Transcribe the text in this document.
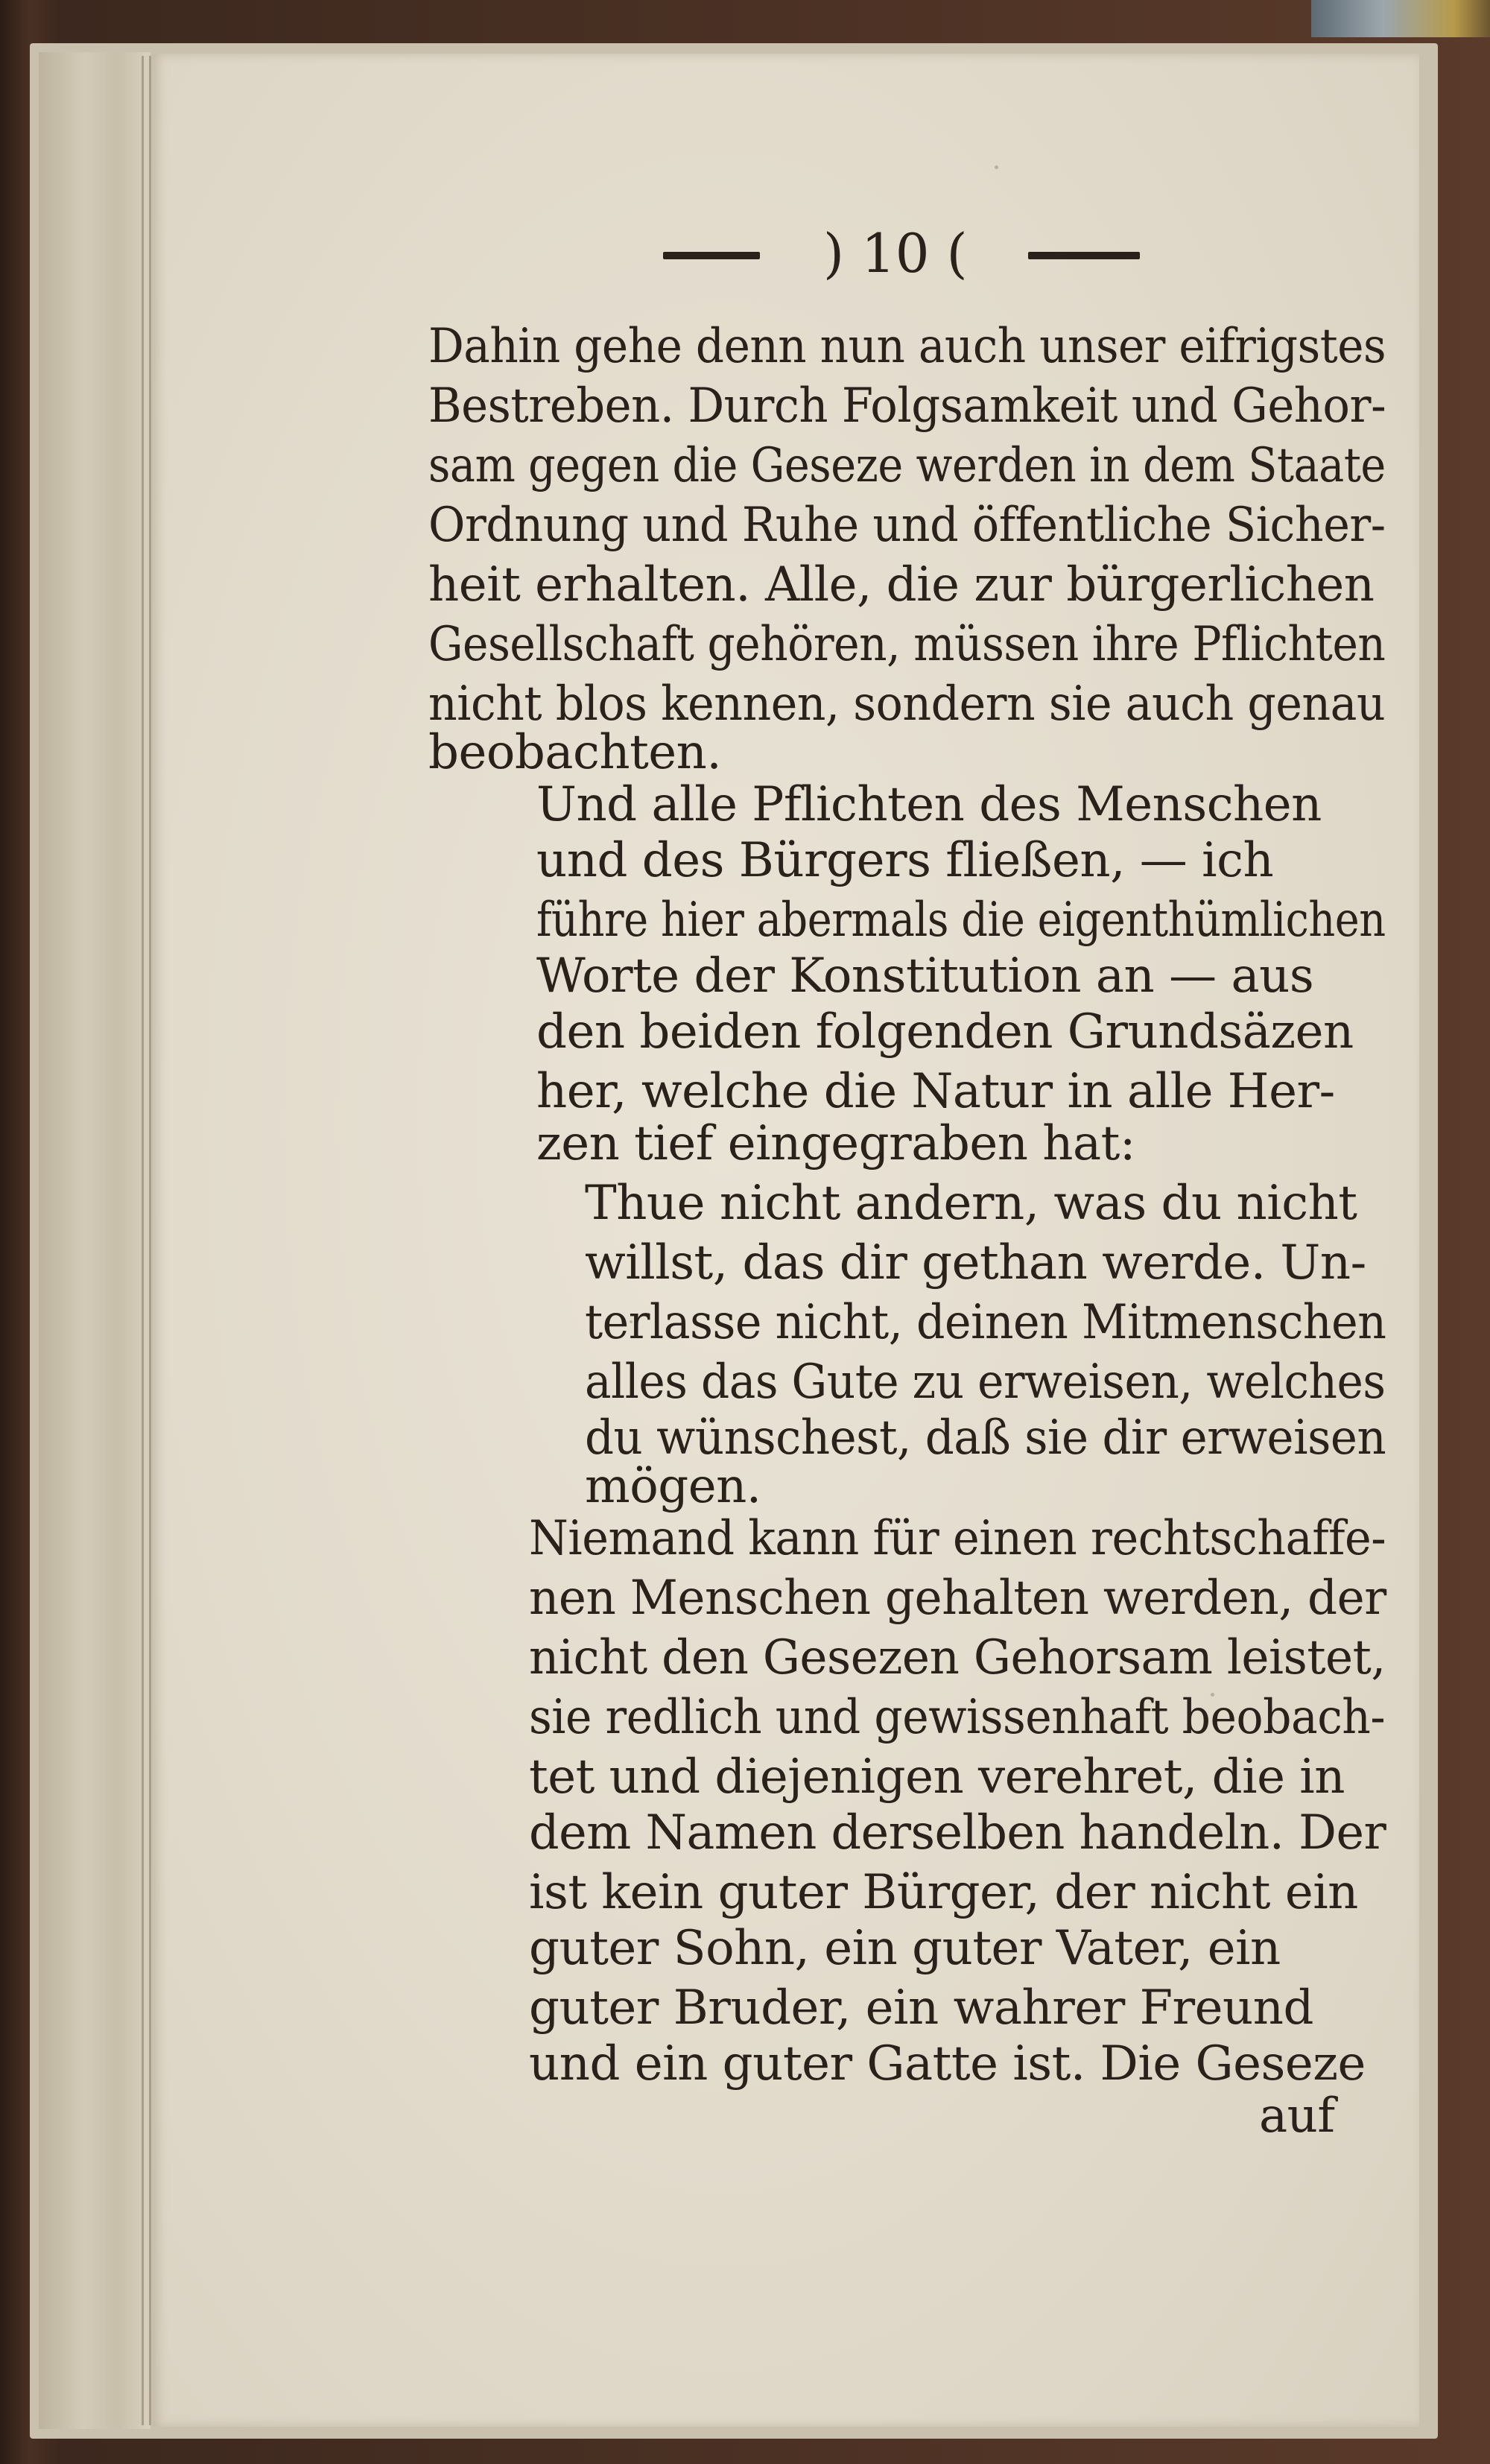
) 10 (
Dahin gehe denn nun auch unser eifrigstes
Bestreben. Durch Folgsamkeit und Gehor-
sam gegen die Geseze werden in dem Staate
Ordnung und Ruhe und öffentliche Sicher-
heit erhalten. Alle, die zur bürgerlichen
Gesellschaft gehören, müssen ihre Pflichten
nicht blos kennen, sondern sie auch genau
beobachten.
Und alle Pflichten des Menschen
und des Bürgers fließen, — ich
führe hier abermals die eigenthümlichen
Worte der Konstitution an — aus
den beiden folgenden Grundsäzen
her, welche die Natur in alle Her-
zen tief eingegraben hat:
Thue nicht andern, was du nicht
willst, das dir gethan werde. Un-
terlasse nicht, deinen Mitmenschen
alles das Gute zu erweisen, welches
du wünschest, daß sie dir erweisen
mögen.
Niemand kann für einen rechtschaffe-
nen Menschen gehalten werden, der
nicht den Gesezen Gehorsam leistet,
sie redlich und gewissenhaft beobach-
tet und diejenigen verehret, die in
dem Namen derselben handeln. Der
ist kein guter Bürger, der nicht ein
guter Sohn, ein guter Vater, ein
guter Bruder, ein wahrer Freund
und ein guter Gatte ist. Die Geseze
auf
